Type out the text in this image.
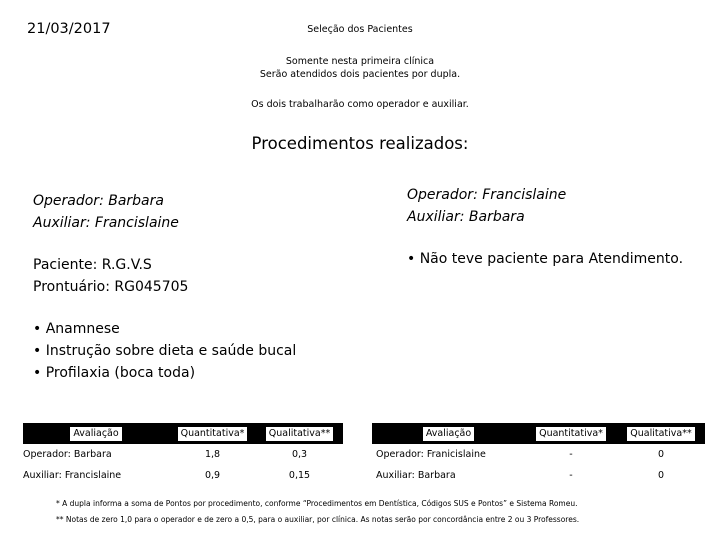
21/03/2017	Seleção dos Pacientes
Somente nesta primeira clínica
Serão atendidos dois pacientes por dupla.
Os dois trabalharão como operador e auxiliar.
Procedimentos realizados:
Operador: Barbara
Auxiliar: Francislaine
Operador: Francislaine
Auxiliar: Barbara
Paciente: R.G.V.S
Prontuário: RG045705
• Não teve paciente para Atendimento.
• Anamnese
• Instrução sobre dieta e saúde bucal
• Profilaxia (boca toda)
Avaliação	Quantitativa*	Qualitativa**
Operador: Barbara	1,8	0,3
Auxiliar: Francislaine	0,9	0,15
Avaliação	Quantitativa*	Qualitativa**
Operador: Franicislaine	-	0
Auxiliar: Barbara	-	0
* A dupla informa a soma de Pontos por procedimento, conforme “Procedimentos em Dentística, Códigos SUS e Pontos” e Sistema Romeu.
** Notas de zero 1,0 para o operador e de zero a 0,5, para o auxiliar, por clínica. As notas serão por concordância entre 2 ou 3 Professores.
